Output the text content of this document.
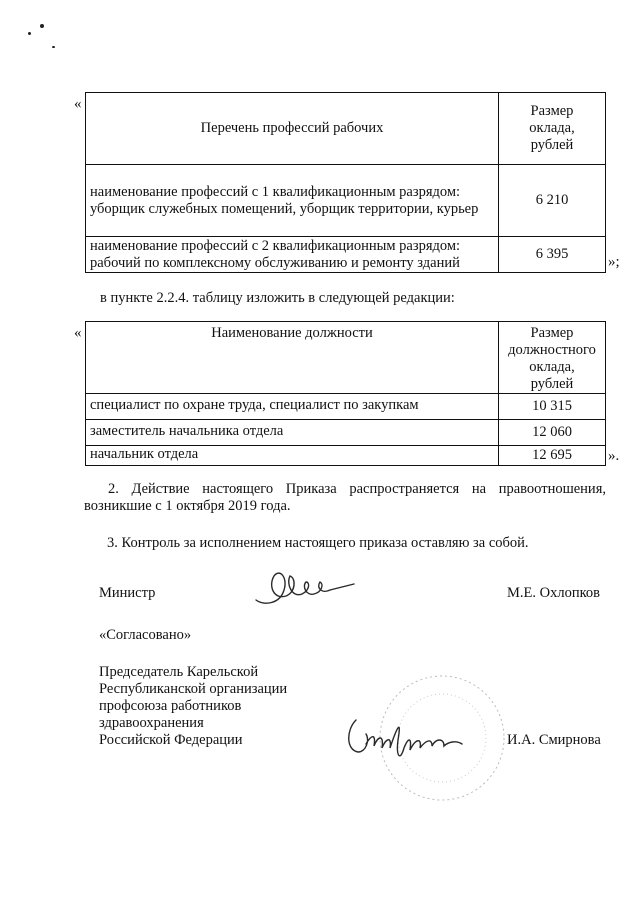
«
Перечень профессий рабочих	Размер
оклада,
рублей

наименование профессий с 1 квалификационным разрядом:
уборщик служебных помещений, уборщик территории, курьер	6 210

наименование профессий с 2 квалификационным разрядом:
рабочий по комплексному обслуживанию и ремонту зданий	6 395	»;
в пункте 2.2.4. таблицу изложить в следующей редакции:
«	Наименование должности	Размер
должностного
оклада,
рублей

специалист по охране труда, специалист по закупкам	10 315
заместитель начальника отдела	12 060
начальник отдела	12 695 ».
2. Действие настоящего Приказа распространяется на правоотношения,
возникшие с 1 октября 2019 года.
3. Контроль за исполнением настоящего приказа оставляю за собой.
Министр	М.Е. Охлопков
«Согласовано»
Председатель Карельской
Республиканской организации
профсоюза работников
здравоохранения
Российской Федерации	И.А. Смирнова
